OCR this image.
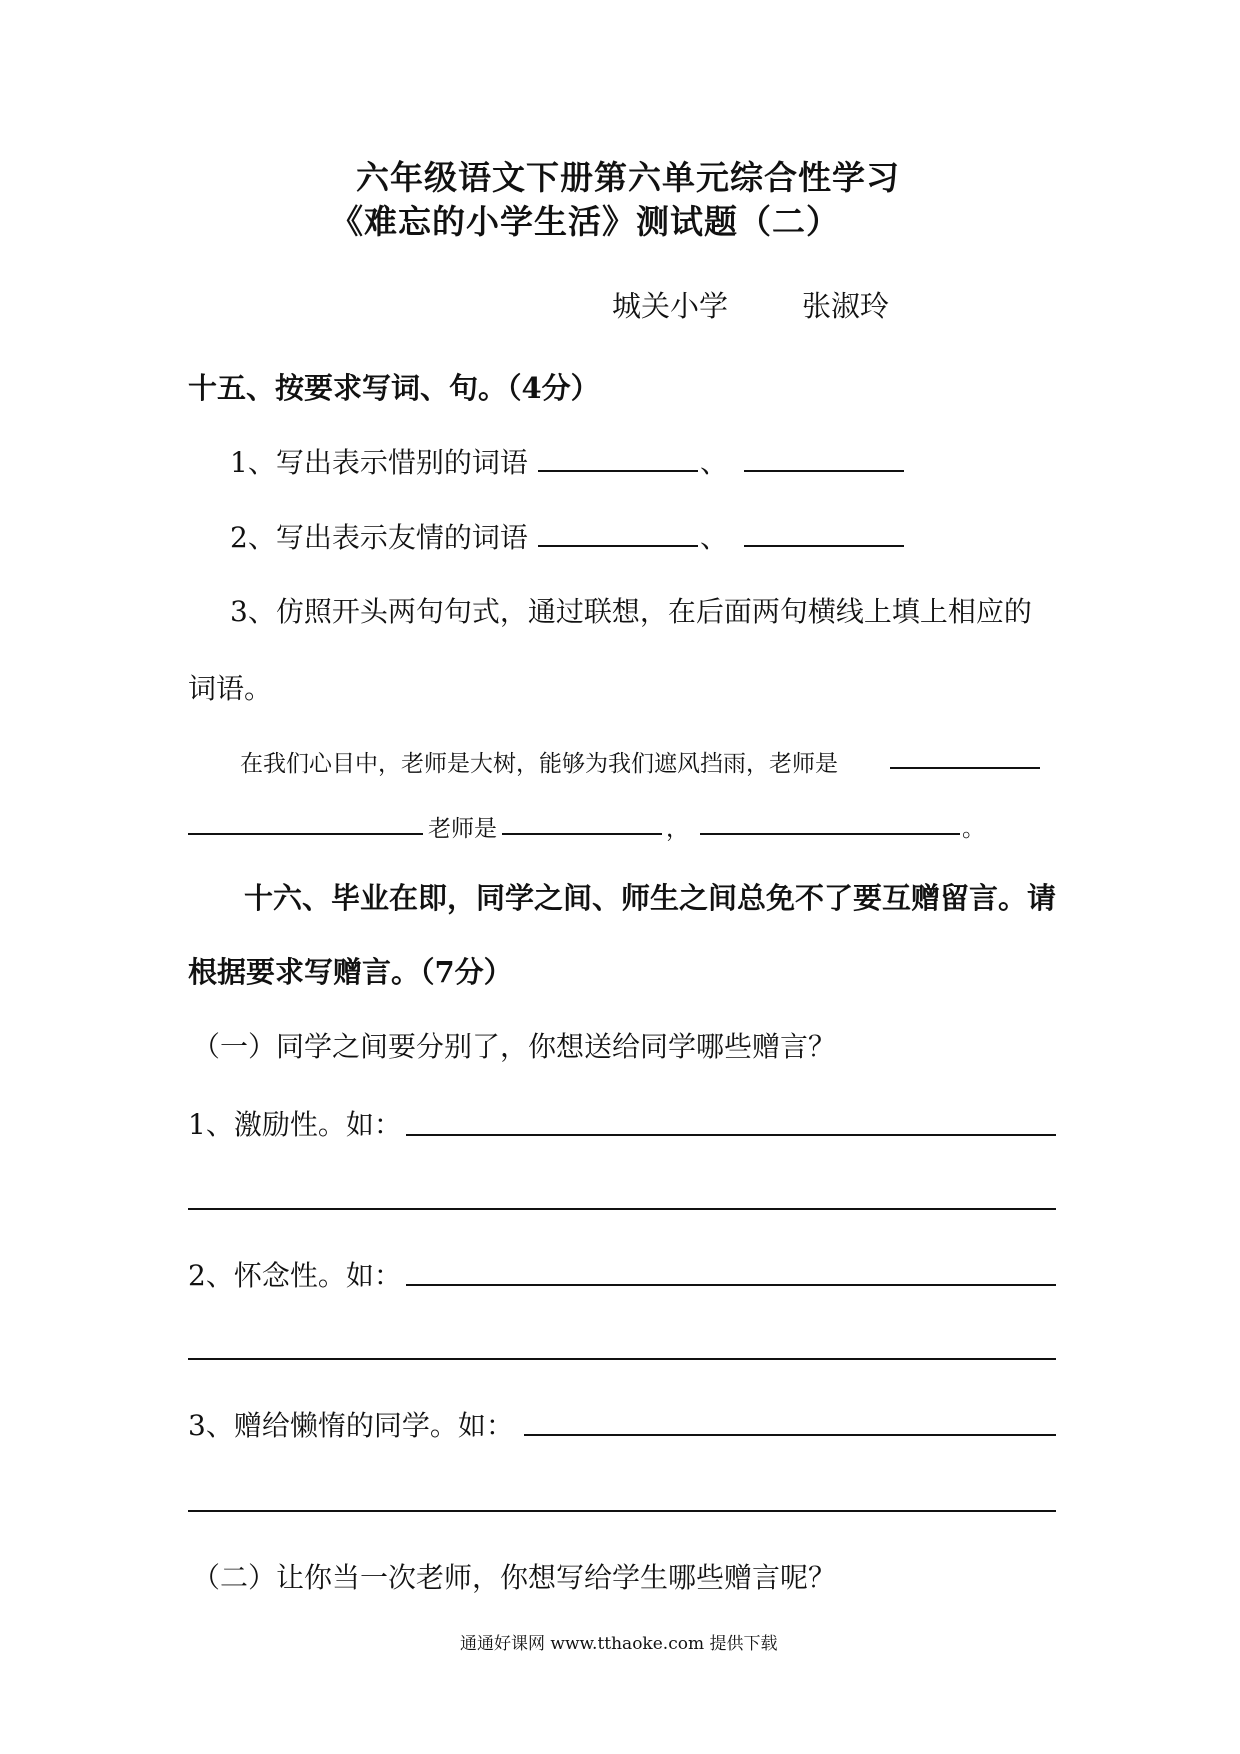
六年级语文下册第六单元综合性学习
《难忘的小学生活》测试题（二）
城关小学	张淑玲
十五、按要求写词、句。（4分）
1、写出表示惜别的词语	、
2、写出表示友情的词语	、
3、仿照开头两句句式，通过联想，在后面两句横线上填上相应的
词语。
在我们心目中，老师是大树，能够为我们遮风挡雨，老师是
老师是	，	。
十六、毕业在即，同学之间、师生之间总免不了要互赠留言。请
根据要求写赠言。（7分）
（一）同学之间要分别了，你想送给同学哪些赠言？
1、激励性。如：
2、怀念性。如：
3、赠给懒惰的同学。如：
（二）让你当一次老师，你想写给学生哪些赠言呢？
通通好课网 www.tthaoke.com 提供下载
